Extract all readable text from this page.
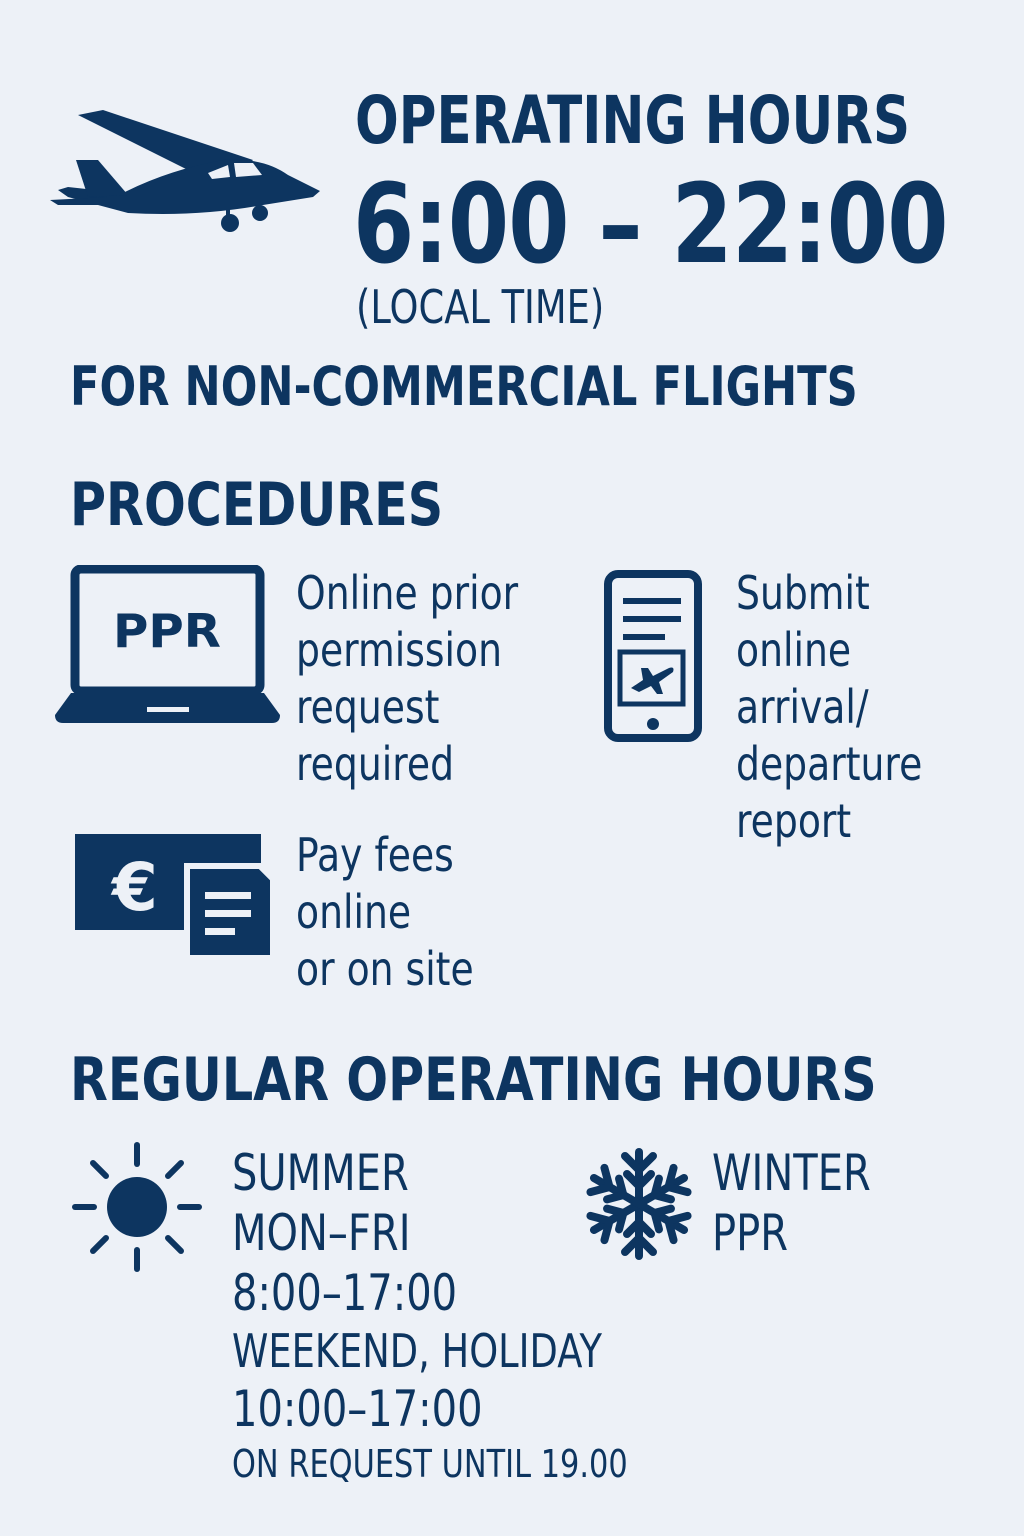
OPERATING HOURS
6:00 – 22:00
(LOCAL TIME)
FOR NON-COMMERCIAL FLIGHTS
PROCEDURES
PPR
Online prior
permission
request
required
Submit
online
arrival/
departure
report
€	Pay fees
online
or on site
REGULAR OPERATING HOURS
SUMMER
MON–FRI
8:00–17:00
WEEKEND, HOLIDAY
10:00–17:00
ON REQUEST UNTIL 19.00
WINTER
PPR
